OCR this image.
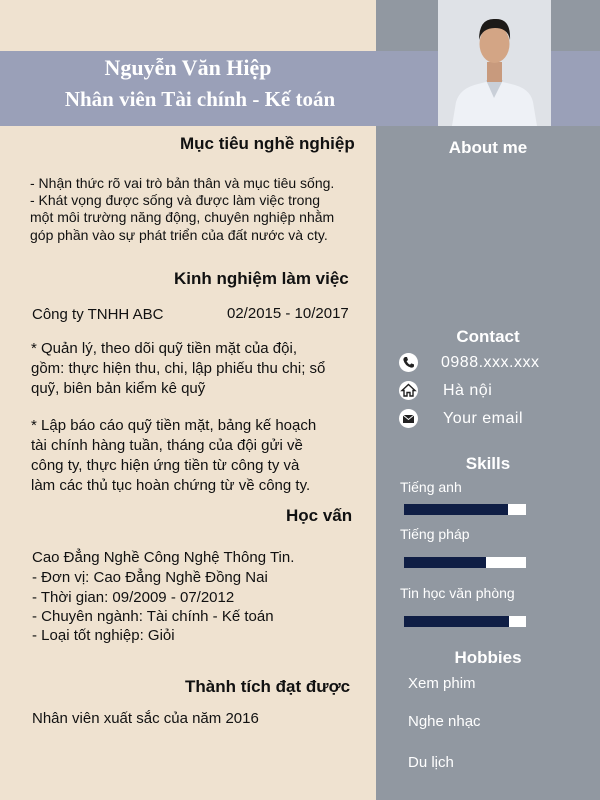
Nguyễn Văn Hiệp
Nhân viên Tài chính - Kế toán
Mục tiêu nghề nghiệp
- Nhận thức rõ vai trò bản thân và mục tiêu sống.
- Khát vọng được sống và được làm việc trong
một môi trường năng động, chuyên nghiệp nhằm
góp phần vào sự phát triển của đất nước và cty.
Kinh nghiệm làm việc
Công ty TNHH ABC	02/2015 - 10/2017
* Quản lý, theo dõi quỹ tiền mặt của đội,
gồm: thực hiện thu, chi, lập phiếu thu chi; sổ
quỹ, biên bản kiểm kê quỹ
* Lập báo cáo quỹ tiền mặt, bảng kế hoạch
tài chính hàng tuần, tháng của đội gửi về
công ty, thực hiện ứng tiền từ công ty và
làm các thủ tục hoàn chứng từ về công ty.
Học vấn
Cao Đẳng Nghề Công Nghệ Thông Tin.
- Đơn vị: Cao Đẳng Nghề Đồng Nai
- Thời gian: 09/2009 - 07/2012
- Chuyên ngành: Tài chính - Kế toán
- Loại tốt nghiệp: Giỏi
Thành tích đạt được
Nhân viên xuất sắc của năm 2016
About me
Contact
0988.xxx.xxx
Hà nội
Your email
Skills
Tiếng anh
Tiếng pháp
Tin học văn phòng
Hobbies
Xem phim
Nghe nhạc
Du lịch
